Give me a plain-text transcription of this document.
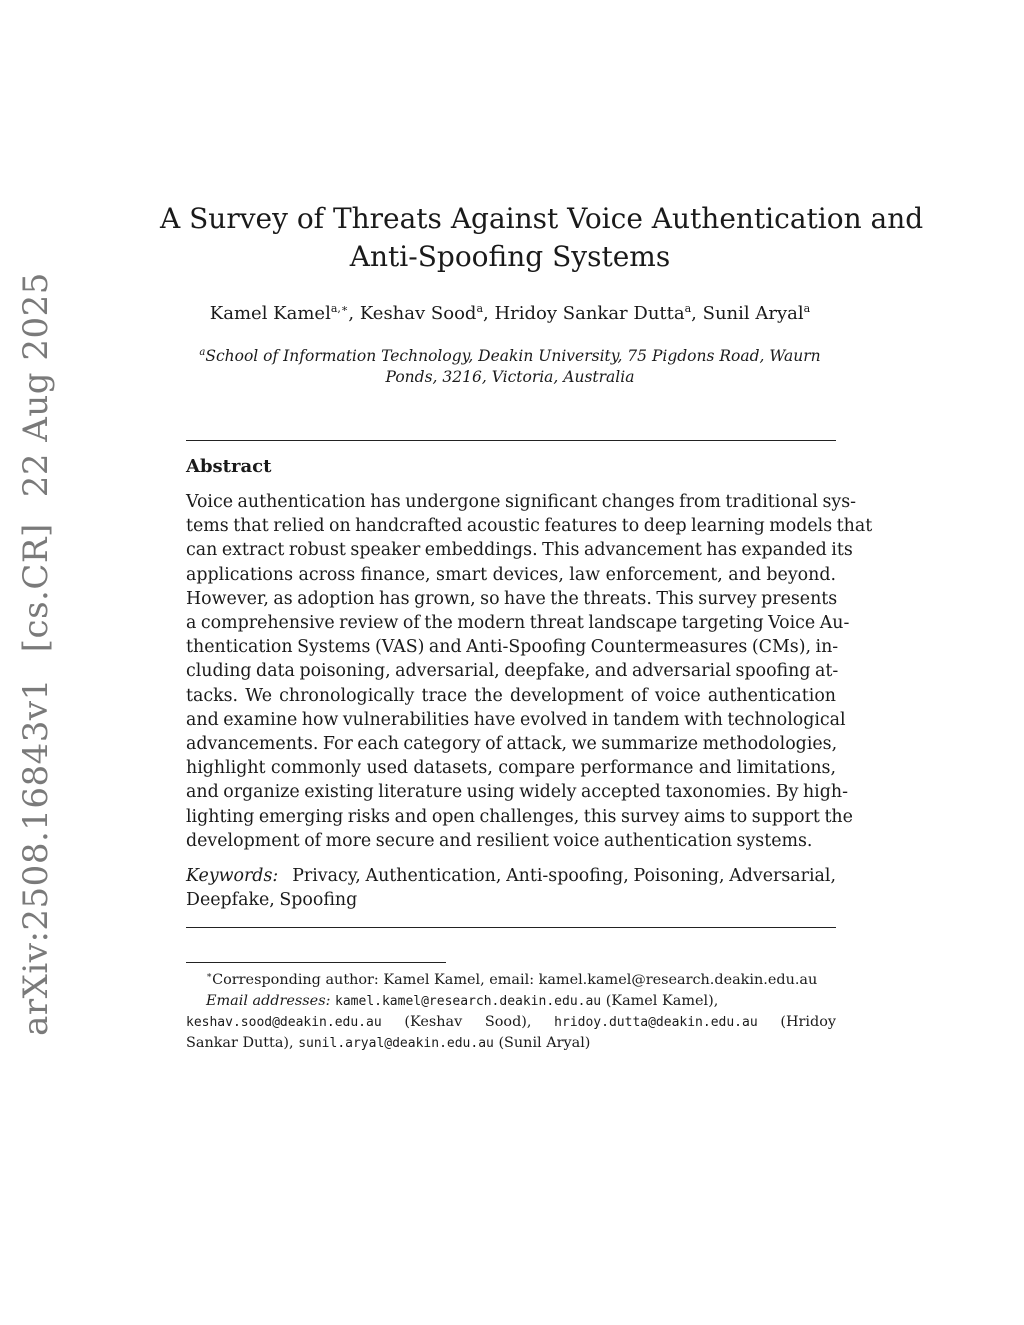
arXiv:2508.16843v1
[cs.CR]
22 Aug 2025
A Survey of Threats Against Voice Authentication and
Anti-Spoofing Systems
Kamel Kamel$^{a,∗}$, Keshav Sood$^a$, Hridoy Sankar Dutta$^a$, Sunil Aryal$^a$
$^a$School of Information Technology, Deakin University, 75 Pigdons Road, Waurn
Ponds, 3216, Victoria, Australia
Abstract
Voice authentication has undergone significant changes from traditional sys-
tems that relied on handcrafted acoustic features to deep learning models that
can extract robust speaker embeddings. This advancement has expanded its
applications across finance, smart devices, law enforcement, and beyond.
However, as adoption has grown, so have the threats. This survey presents
a comprehensive review of the modern threat landscape targeting Voice Au-
thentication Systems (VAS) and Anti-Spoofing Countermeasures (CMs), in-
cluding data poisoning, adversarial, deepfake, and adversarial spoofing at-
tacks. We chronologically trace the development of voice authentication
and examine how vulnerabilities have evolved in tandem with technological
advancements. For each category of attack, we summarize methodologies,
highlight commonly used datasets, compare performance and limitations,
and organize existing literature using widely accepted taxonomies. By high-
lighting emerging risks and open challenges, this survey aims to support the
development of more secure and resilient voice authentication systems.
Keywords: Privacy, Authentication, Anti-spoofing, Poisoning, Adversarial,
Deepfake, Spoofing
∗Corresponding author: Kamel Kamel, email: kamel.kamel@research.deakin.edu.au
Email addresses: kamel.kamel@research.deakin.edu.au (Kamel Kamel),
keshav.sood@deakin.edu.au (Keshav Sood), hridoy.dutta@deakin.edu.au (Hridoy
Sankar Dutta), sunil.aryal@deakin.edu.au (Sunil Aryal)
